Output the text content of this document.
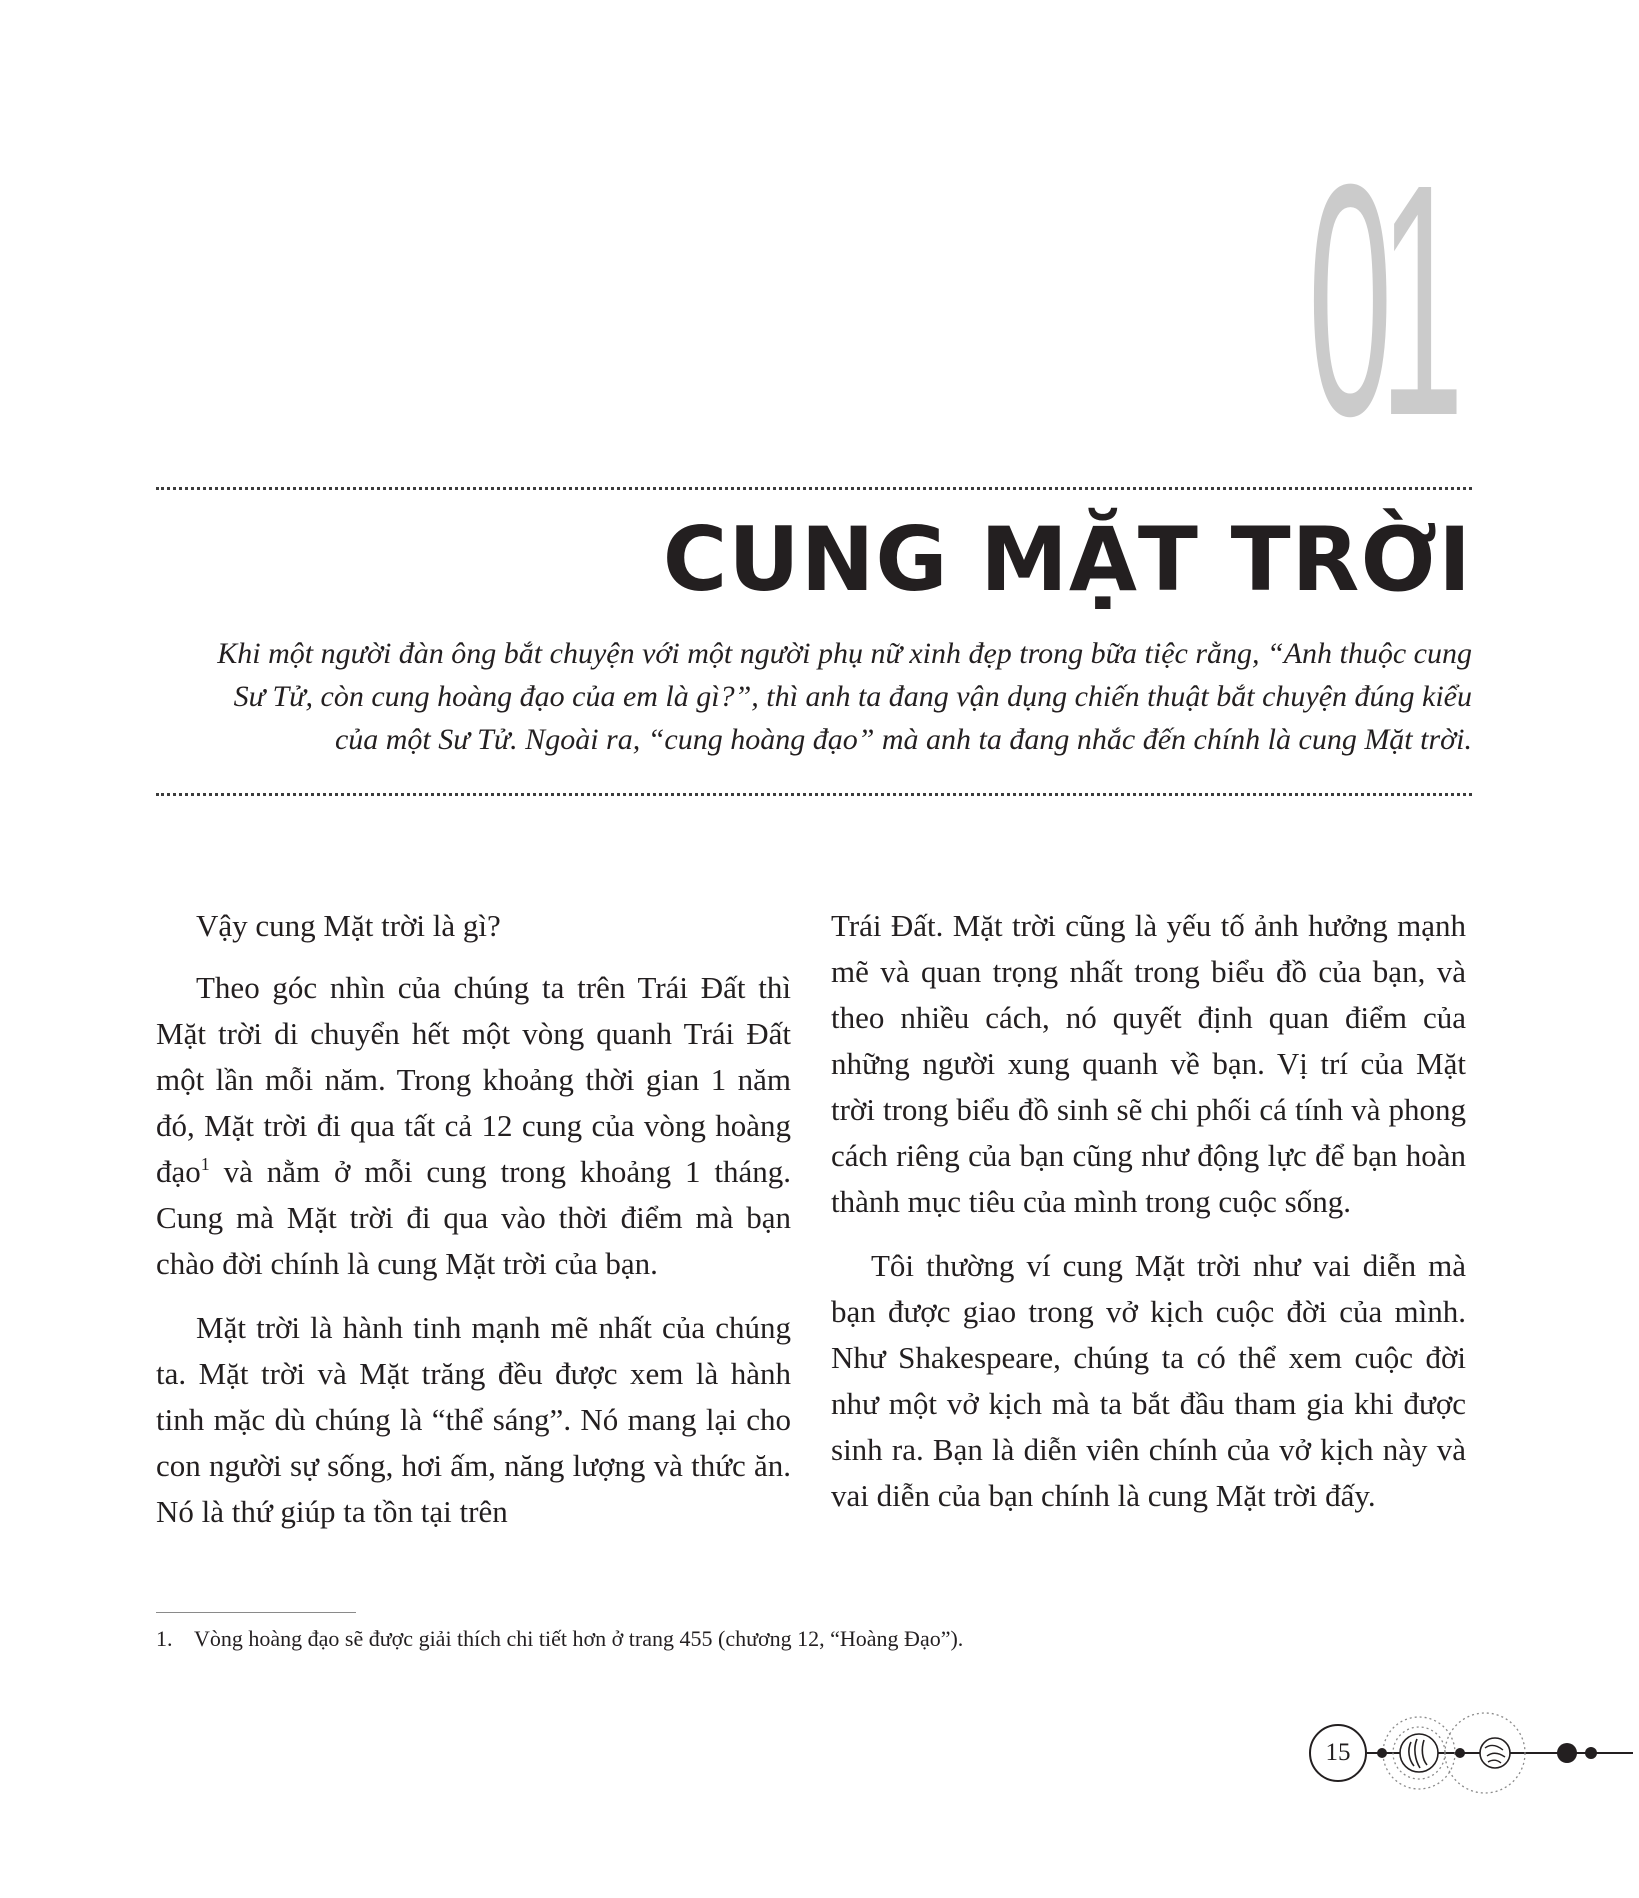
01
CUNG MẶT TRỜI

Khi một người đàn ông bắt chuyện với một người phụ nữ xinh đẹp trong bữa tiệc rằng, “Anh thuộc cung Sư Tử, còn cung hoàng đạo của em là gì?”, thì anh ta đang vận dụng chiến thuật bắt chuyện đúng kiểu của một Sư Tử. Ngoài ra, “cung hoàng đạo” mà anh ta đang nhắc đến chính là cung Mặt trời.

Vậy cung Mặt trời là gì?

Theo góc nhìn của chúng ta trên Trái Đất thì Mặt trời di chuyển hết một vòng quanh Trái Đất một lần mỗi năm. Trong khoảng thời gian 1 năm đó, Mặt trời đi qua tất cả 12 cung của vòng hoàng đạo$^1$ và nằm ở mỗi cung trong khoảng 1 tháng. Cung mà Mặt trời đi qua vào thời điểm mà bạn chào đời chính là cung Mặt trời của bạn.

Mặt trời là hành tinh mạnh mẽ nhất của chúng ta. Mặt trời và Mặt trăng đều được xem là hành tinh mặc dù chúng là “thể sáng”. Nó mang lại cho con người sự sống, hơi ấm, năng lượng và thức ăn. Nó là thứ giúp ta tồn tại trên

Trái Đất. Mặt trời cũng là yếu tố ảnh hưởng mạnh mẽ và quan trọng nhất trong biểu đồ của bạn, và theo nhiều cách, nó quyết định quan điểm của những người xung quanh về bạn. Vị trí của Mặt trời trong biểu đồ sinh sẽ chi phối cá tính và phong cách riêng của bạn cũng như động lực để bạn hoàn thành mục tiêu của mình trong cuộc sống.

Tôi thường ví cung Mặt trời như vai diễn mà bạn được giao trong vở kịch cuộc đời của mình. Như Shakespeare, chúng ta có thể xem cuộc đời như một vở kịch mà ta bắt đầu tham gia khi được sinh ra. Bạn là diễn viên chính của vở kịch này và vai diễn của bạn chính là cung Mặt trời đấy.

1. Vòng hoàng đạo sẽ được giải thích chi tiết hơn ở trang 455 (chương 12, “Hoàng Đạo”).

15
